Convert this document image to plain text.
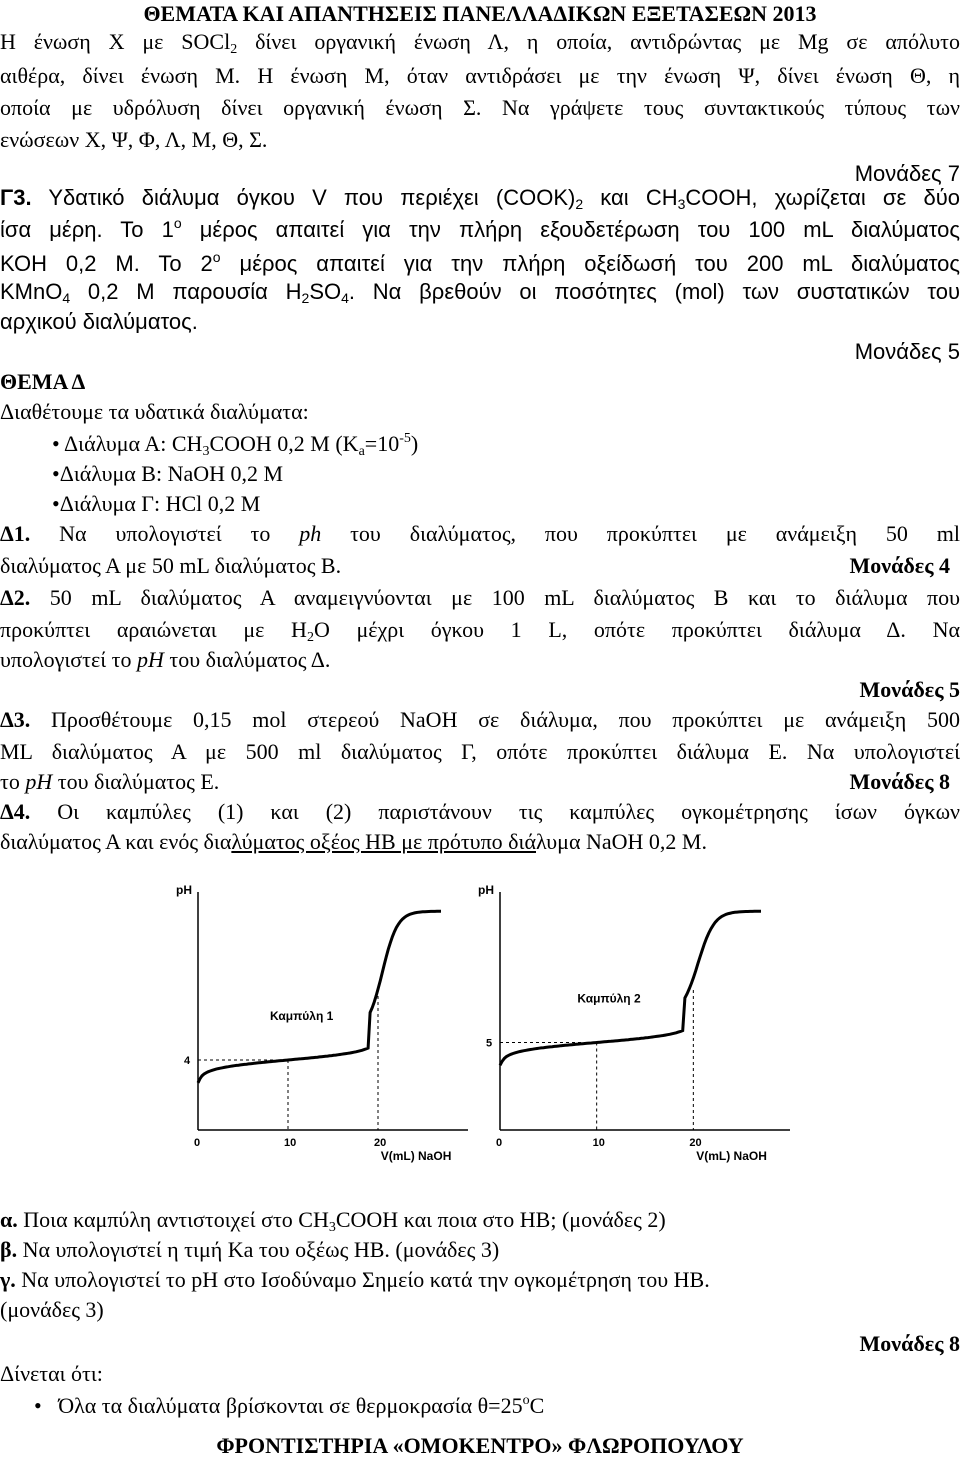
ΘΕΜΑΤΑ ΚΑΙ ΑΠΑΝΤΗΣΕΙΣ ΠΑΝΕΛΛΑΔΙΚΩΝ ΕΞΕΤΑΣΕΩΝ 2013
Η ένωση Χ με SOCl$_2$ δίνει οργανική ένωση Λ, η οποία, αντιδρώντας με Mg σε απόλυτο
αιθέρα, δίνει ένωση Μ. Η ένωση Μ, όταν αντιδράσει με την ένωση Ψ, δίνει ένωση Θ, η
οποία με υδρόλυση δίνει οργανική ένωση Σ. Να γράψετε τους συντακτικούς τύπους των
ενώσεων Χ, Ψ, Φ, Λ, Μ, Θ, Σ.
Μονάδες 7
Γ3. Υδατικό διάλυμα όγκου V που περιέχει $(COOK)_2$ και $CH_3COOH$, χωρίζεται σε δύο
ίσα μέρη. Το $1^o$ μέρος απαιτεί για την πλήρη εξουδετέρωση του 100 mL διαλύματος
ΚΟΗ 0,2 Μ. Το $2^o$ μέρος απαιτεί για την πλήρη οξείδωσή του 200 mL διαλύματος
KMnO$_4$ 0,2 Μ παρουσία $H_2SO_4$. Να βρεθούν οι ποσότητες (mol) των συστατικών του
αρχικού διαλύματος.
Μονάδες 5
ΘΕΜΑ Δ
Διαθέτουμε τα υδατικά διαλύματα:
• Διάλυμα Α: $CH_3COOH$ 0,2 Μ $(K_a=10^{-5})$
•Διάλυμα Β: NaOH 0,2 M
•Διάλυμα Γ: HCl 0,2 M
Δ1. Να υπολογιστεί το ph του διαλύματος, που προκύπτει με ανάμειξη 50 ml
διαλύματος Α με 50 mL διαλύματος Β.	Μονάδες 4
Δ2. 50 mL διαλύματος Α αναμειγνύονται με 100 mL διαλύματος Β και το διάλυμα που
προκύπτει αραιώνεται με $H_2O$ μέχρι όγκου 1 L, οπότε προκύπτει διάλυμα Δ. Να
υπολογιστεί το pH του διαλύματος Δ.
Μονάδες 5
Δ3. Προσθέτουμε 0,15 mol στερεού NaOH σε διάλυμα, που προκύπτει με ανάμειξη 500
ΜL διαλύματος Α με 500 ml διαλύματος Γ, οπότε προκύπτει διάλυμα Ε. Να υπολογιστεί
το pH του διαλύματος Ε.	Μονάδες 8
Δ4. Οι καμπύλες (1) και (2) παριστάνουν τις καμπύλες ογκομέτρησης ίσων όγκων
διαλύματος Α και ενός διαλύματος οξέος ΗΒ με πρότυπο διάλυμα NaOH 0,2 M.
pH
V(mL) NaOH
0	10	20
4
Καμπύλη 1
pH
V(mL) NaOH
0	10	20
5
Καμπύλη 2
α. Ποια καμπύλη αντιστοιχεί στο $CH_3COOH$ και ποια στο HB; (μονάδες 2)
β. Να υπολογιστεί η τιμή Ka του οξέως ΗΒ. (μονάδες 3)
γ. Να υπολογιστεί το pH στο Ισοδύναμο Σημείο κατά την ογκομέτρηση του ΗΒ.
(μονάδες 3)
Μονάδες 8
Δίνεται ότι:
• Όλα τα διαλύματα βρίσκονται σε θερμοκρασία $\theta=25^oC$
ΦΡΟΝΤΙΣΤΗΡΙΑ «ΟΜΟΚΕΝΤΡΟ» ΦΛΩΡΟΠΟΥΛΟΥ
